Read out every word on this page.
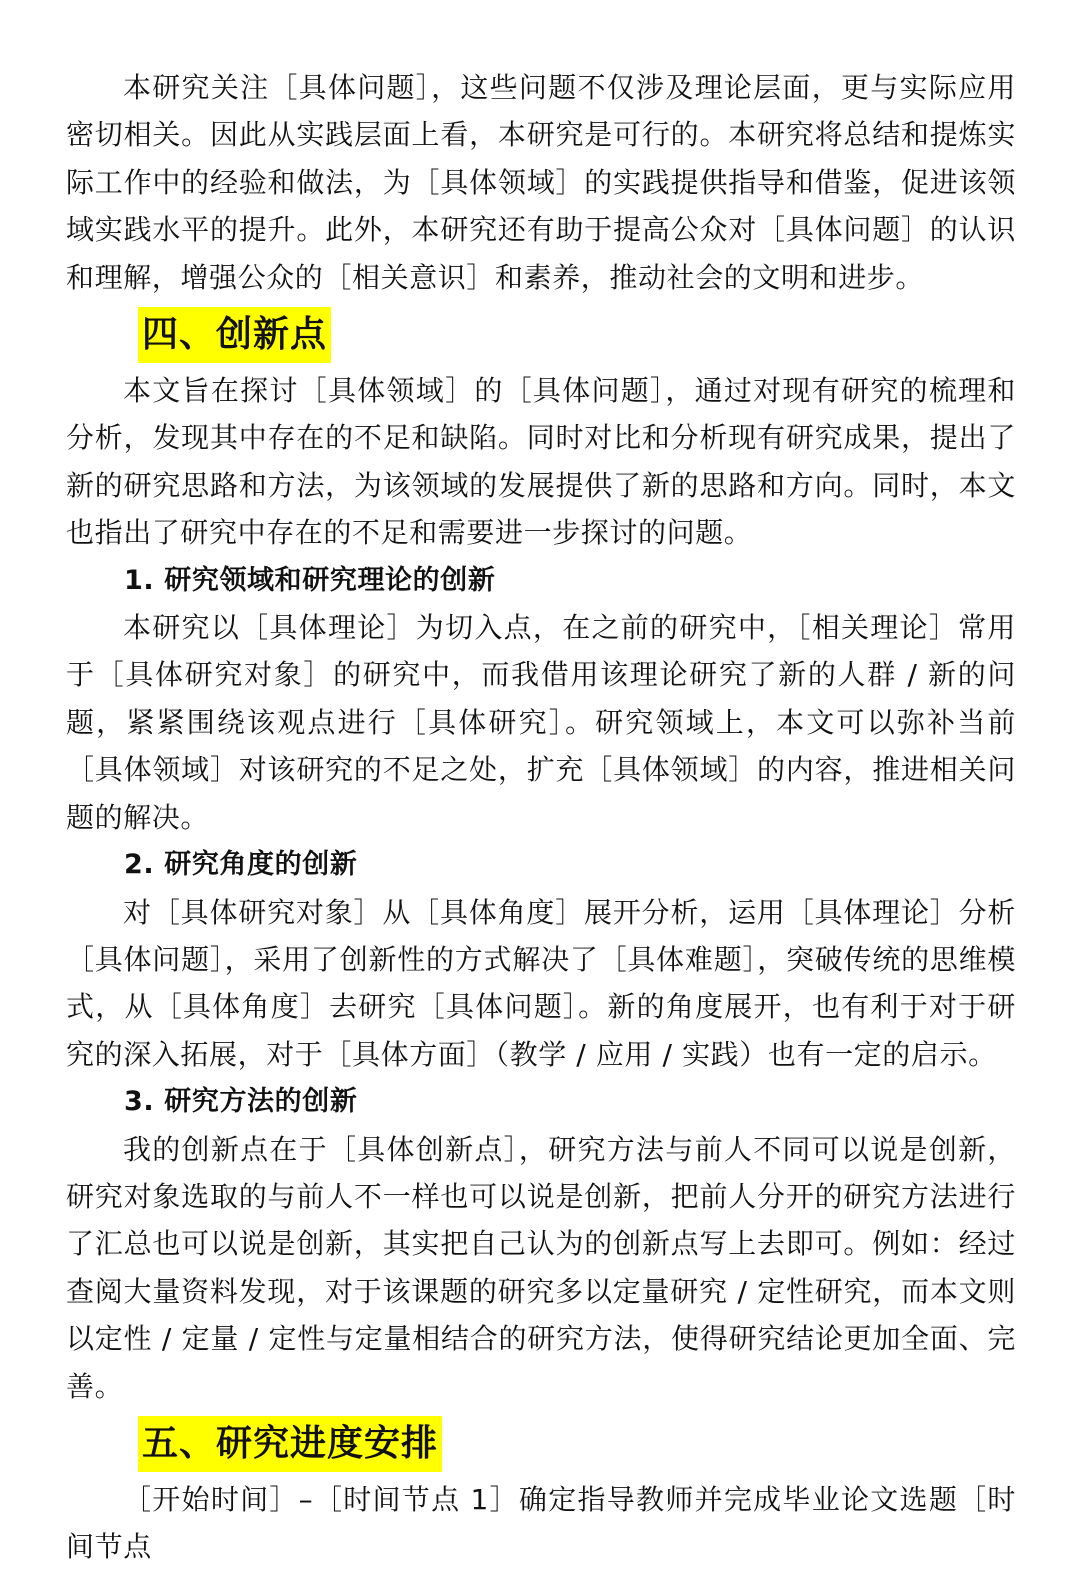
本研究关注［具体问题］，这些问题不仅涉及理论层面，更与实际应用密切相关。因此从实践层面上看，本研究是可行的。本研究将总结和提炼实际工作中的经验和做法，为［具体领域］的实践提供指导和借鉴，促进该领域实践水平的提升。此外，本研究还有助于提高公众对［具体问题］的认识和理解，增强公众的［相关意识］和素养，推动社会的文明和进步。

四、创新点

本文旨在探讨［具体领域］的［具体问题］，通过对现有研究的梳理和分析，发现其中存在的不足和缺陷。同时对比和分析现有研究成果，提出了新的研究思路和方法，为该领域的发展提供了新的思路和方向。同时，本文也指出了研究中存在的不足和需要进一步探讨的问题。

1. 研究领域和研究理论的创新

本研究以［具体理论］为切入点，在之前的研究中，［相关理论］常用于［具体研究对象］的研究中，而我借用该理论研究了新的人群 / 新的问题，紧紧围绕该观点进行［具体研究］。研究领域上，本文可以弥补当前［具体领域］对该研究的不足之处，扩充［具体领域］的内容，推进相关问题的解决。

2. 研究角度的创新

对［具体研究对象］从［具体角度］展开分析，运用［具体理论］分析［具体问题］，采用了创新性的方式解决了［具体难题］，突破传统的思维模式，从［具体角度］去研究［具体问题］。新的角度展开，也有利于对于研究的深入拓展，对于［具体方面］（教学 / 应用 / 实践）也有一定的启示。

3. 研究方法的创新

我的创新点在于［具体创新点］，研究方法与前人不同可以说是创新，研究对象选取的与前人不一样也可以说是创新，把前人分开的研究方法进行了汇总也可以说是创新，其实把自己认为的创新点写上去即可。例如：经过查阅大量资料发现，对于该课题的研究多以定量研究 / 定性研究，而本文则以定性 / 定量 / 定性与定量相结合的研究方法，使得研究结论更加全面、完善。

五、研究进度安排

［开始时间］–［时间节点 1］确定指导教师并完成毕业论文选题［时间节点
